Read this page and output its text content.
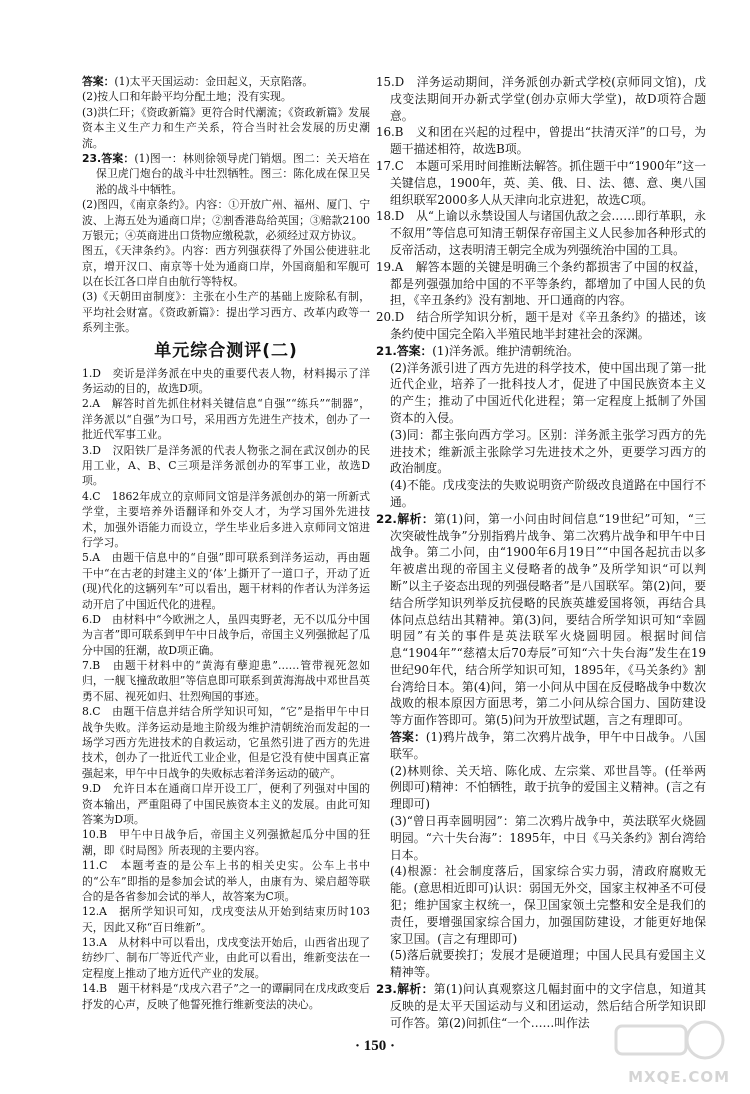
答案：(1)太平天国运动：金田起义，天京陷落。

(2)按人口和年龄平均分配土地；没有实现。

(3)洪仁玕；《资政新篇》更符合时代潮流；《资政新篇》发展资本主义生产力和生产关系，符合当时社会发展的历史潮流。

23.答案：(1)图一：林则徐领导虎门销烟。图二：关天培在保卫虎门炮台的战斗中壮烈牺牲。图三：陈化成在保卫吴淞的战斗中牺牲。

(2)图四，《南京条约》。内容：①开放广州、福州、厦门、宁波、上海五处为通商口岸；②割香港岛给英国；③赔款2100万银元；④英商进出口货物应缴税款，必须经过双方协议。

图五，《天津条约》。内容：西方列强获得了外国公使进驻北京，增开汉口、南京等十处为通商口岸，外国商船和军舰可以在长江各口岸自由航行等特权。

(3)《天朝田亩制度》：主张在小生产的基础上废除私有制，平均社会财富。《资政新篇》：提出学习西方、改革内政等一系列主张。

单元综合测评(二)

1.D　奕䜣是洋务派在中央的重要代表人物，材料揭示了洋务运动的目的，故选D项。

2.A　解答时首先抓住材料关键信息“自强”“练兵”“制器”，洋务派以“自强”为口号，采用西方先进生产技术，创办了一批近代军事工业。

3.D　汉阳铁厂是洋务派的代表人物张之洞在武汉创办的民用工业，A、B、C三项是洋务派创办的军事工业，故选D项。

4.C　1862年成立的京师同文馆是洋务派创办的第一所新式学堂，主要培养外语翻译和外交人才，为学习国外先进技术，加强外语能力而设立，学生毕业后多进入京师同文馆进行学习。

5.A　由题干信息中的“自强”即可联系到洋务运动，再由题干中“在古老的封建主义的‘体’上撕开了一道口子，开动了近(现)代化的这辆列车”可以看出，题干材料的作者认为洋务运动开启了中国近代化的进程。

6.D　由材料中“今欧洲之人，虽四夷野老，无不以瓜分中国为言者”即可联系到甲午中日战争后，帝国主义列强掀起了瓜分中国的狂潮，故D项正确。

7.B　由题干材料中的“黄海有孽迎患”……管带视死忽如归，一舰飞撞敌敢胆”等信息即可联系到黄海海战中邓世昌英勇不屈、视死如归、壮烈殉国的事迹。

8.C　由题干信息并结合所学知识可知，“它”是指甲午中日战争失败。洋务运动是地主阶级为维护清朝统治而发起的一场学习西方先进技术的自救运动，它虽然引进了西方的先进技术，创办了一批近代工业企业，但是它没有使中国真正富强起来，甲午中日战争的失败标志着洋务运动的破产。

9.D　允许日本在通商口岸开设工厂，便利了列强对中国的资本输出，严重阻碍了中国民族资本主义的发展。由此可知答案为D项。

10.B　甲午中日战争后，帝国主义列强掀起瓜分中国的狂潮，即《时局图》所表现的主要内容。

11.C　本题考查的是公车上书的相关史实。公车上书中的“公车”即指的是参加会试的举人，由康有为、梁启超等联合的是各省参加会试的举人，故答案为C项。

12.A　据所学知识可知，戊戌变法从开始到结束历时103天，因此又称“百日维新”。

13.A　从材料中可以看出，戊戌变法开始后，山西省出现了纺纱厂、制布厂等近代产业，由此可以看出，维新变法在一定程度上推动了地方近代产业的发展。

14.B　题干材料是“戊戌六君子”之一的谭嗣同在戊戌政变后抒发的心声，反映了他誓死推行维新变法的决心。

15.D　洋务运动期间，洋务派创办新式学校(京师同文馆)，戊戌变法期间开办新式学堂(创办京师大学堂)，故D项符合题意。

16.B　义和团在兴起的过程中，曾提出“扶清灭洋”的口号，为题干描述相符，故选B项。

17.C　本题可采用时间推断法解答。抓住题干中“1900年”这一关键信息，1900年，英、美、俄、日、法、德、意、奥八国组织联军2000多人从天津向北京进犯，故选C项。

18.D　从“上谕以永禁设国人与诸国仇敌之会……即行革职，永不叙用”等信息可知清王朝保存帝国主义人民参加各种形式的反帝活动，这表明清王朝完全成为列强统治中国的工具。

19.A　解答本题的关键是明确三个条约都损害了中国的权益，都是列强强加给中国的不平等条约，都增加了中国人民的负担，《辛丑条约》没有割地、开口通商的内容。

20.D　结合所学知识分析，题干是对《辛丑条约》的描述，该条约使中国完全陷入半殖民地半封建社会的深渊。

21.答案：(1)洋务派。维护清朝统治。

(2)洋务派引进了西方先进的科学技术，使中国出现了第一批近代企业，培养了一批科技人才，促进了中国民族资本主义的产生；推动了中国近代化进程；第一定程度上抵制了外国资本的入侵。

(3)同：都主张向西方学习。区别：洋务派主张学习西方的先进技术；维新派主张除学习先进技术之外，更要学习西方的政治制度。

(4)不能。戊戌变法的失败说明资产阶级改良道路在中国行不通。

22.解析：第(1)问，第一小问由时间信息“19世纪”可知，“三次突破性战争”分别指鸦片战争、第二次鸦片战争和甲午中日战争。第二小问，由“1900年6月19日”“中国各起抗击以多年被虐出现的帝国主义侵略者的战争”及所学知识“可以判断”以主子姿态出现的列强侵略者”是八国联军。第(2)问，要结合所学知识列举反抗侵略的民族英雄爱国将领，再结合具体问点总结出其精神。第(3)问，要结合所学知识可知“幸圆明园”有关的事件是英法联军火烧圆明园。根据时间信息“1904年”“慈禧太后70寿辰”可知“六十失台海”发生在19世纪90年代，结合所学知识可知，1895年，《马关条约》割台湾给日本。第(4)问，第一小问从中国在反侵略战争中数次战败的根本原因方面思考，第二小问从综合国力、国防建设等方面作答即可。第(5)问为开放型试题，言之有理即可。

答案：(1)鸦片战争，第二次鸦片战争，甲午中日战争。八国联军。

(2)林则徐、关天培、陈化成、左宗棠、邓世昌等。(任举两例即可)精神：不怕牺牲，敢于抗争的爱国主义精神。(言之有理即可)

(3)“曾日再幸圆明园”：第二次鸦片战争中，英法联军火烧圆明园。“六十失台海”：1895年，中日《马关条约》割台湾给日本。

(4)根源：社会制度落后，国家综合实力弱，清政府腐败无能。(意思相近即可)认识：弱国无外交，国家主权神圣不可侵犯；维护国家主权统一，保卫国家领土完整和安全是我们的责任，要增强国家综合国力，加强国防建设，才能更好地保家卫国。(言之有理即可)

(5)落后就要挨打；发展才是硬道理；中国人民具有爱国主义精神等。

23.解析：第(1)问认真观察这几幅封面中的文字信息，知道其反映的是太平天国运动与义和团运动，然后结合所学知识即可作答。第(2)问抓住“一个……叫作法

· 150 ·
MXQE.COM
